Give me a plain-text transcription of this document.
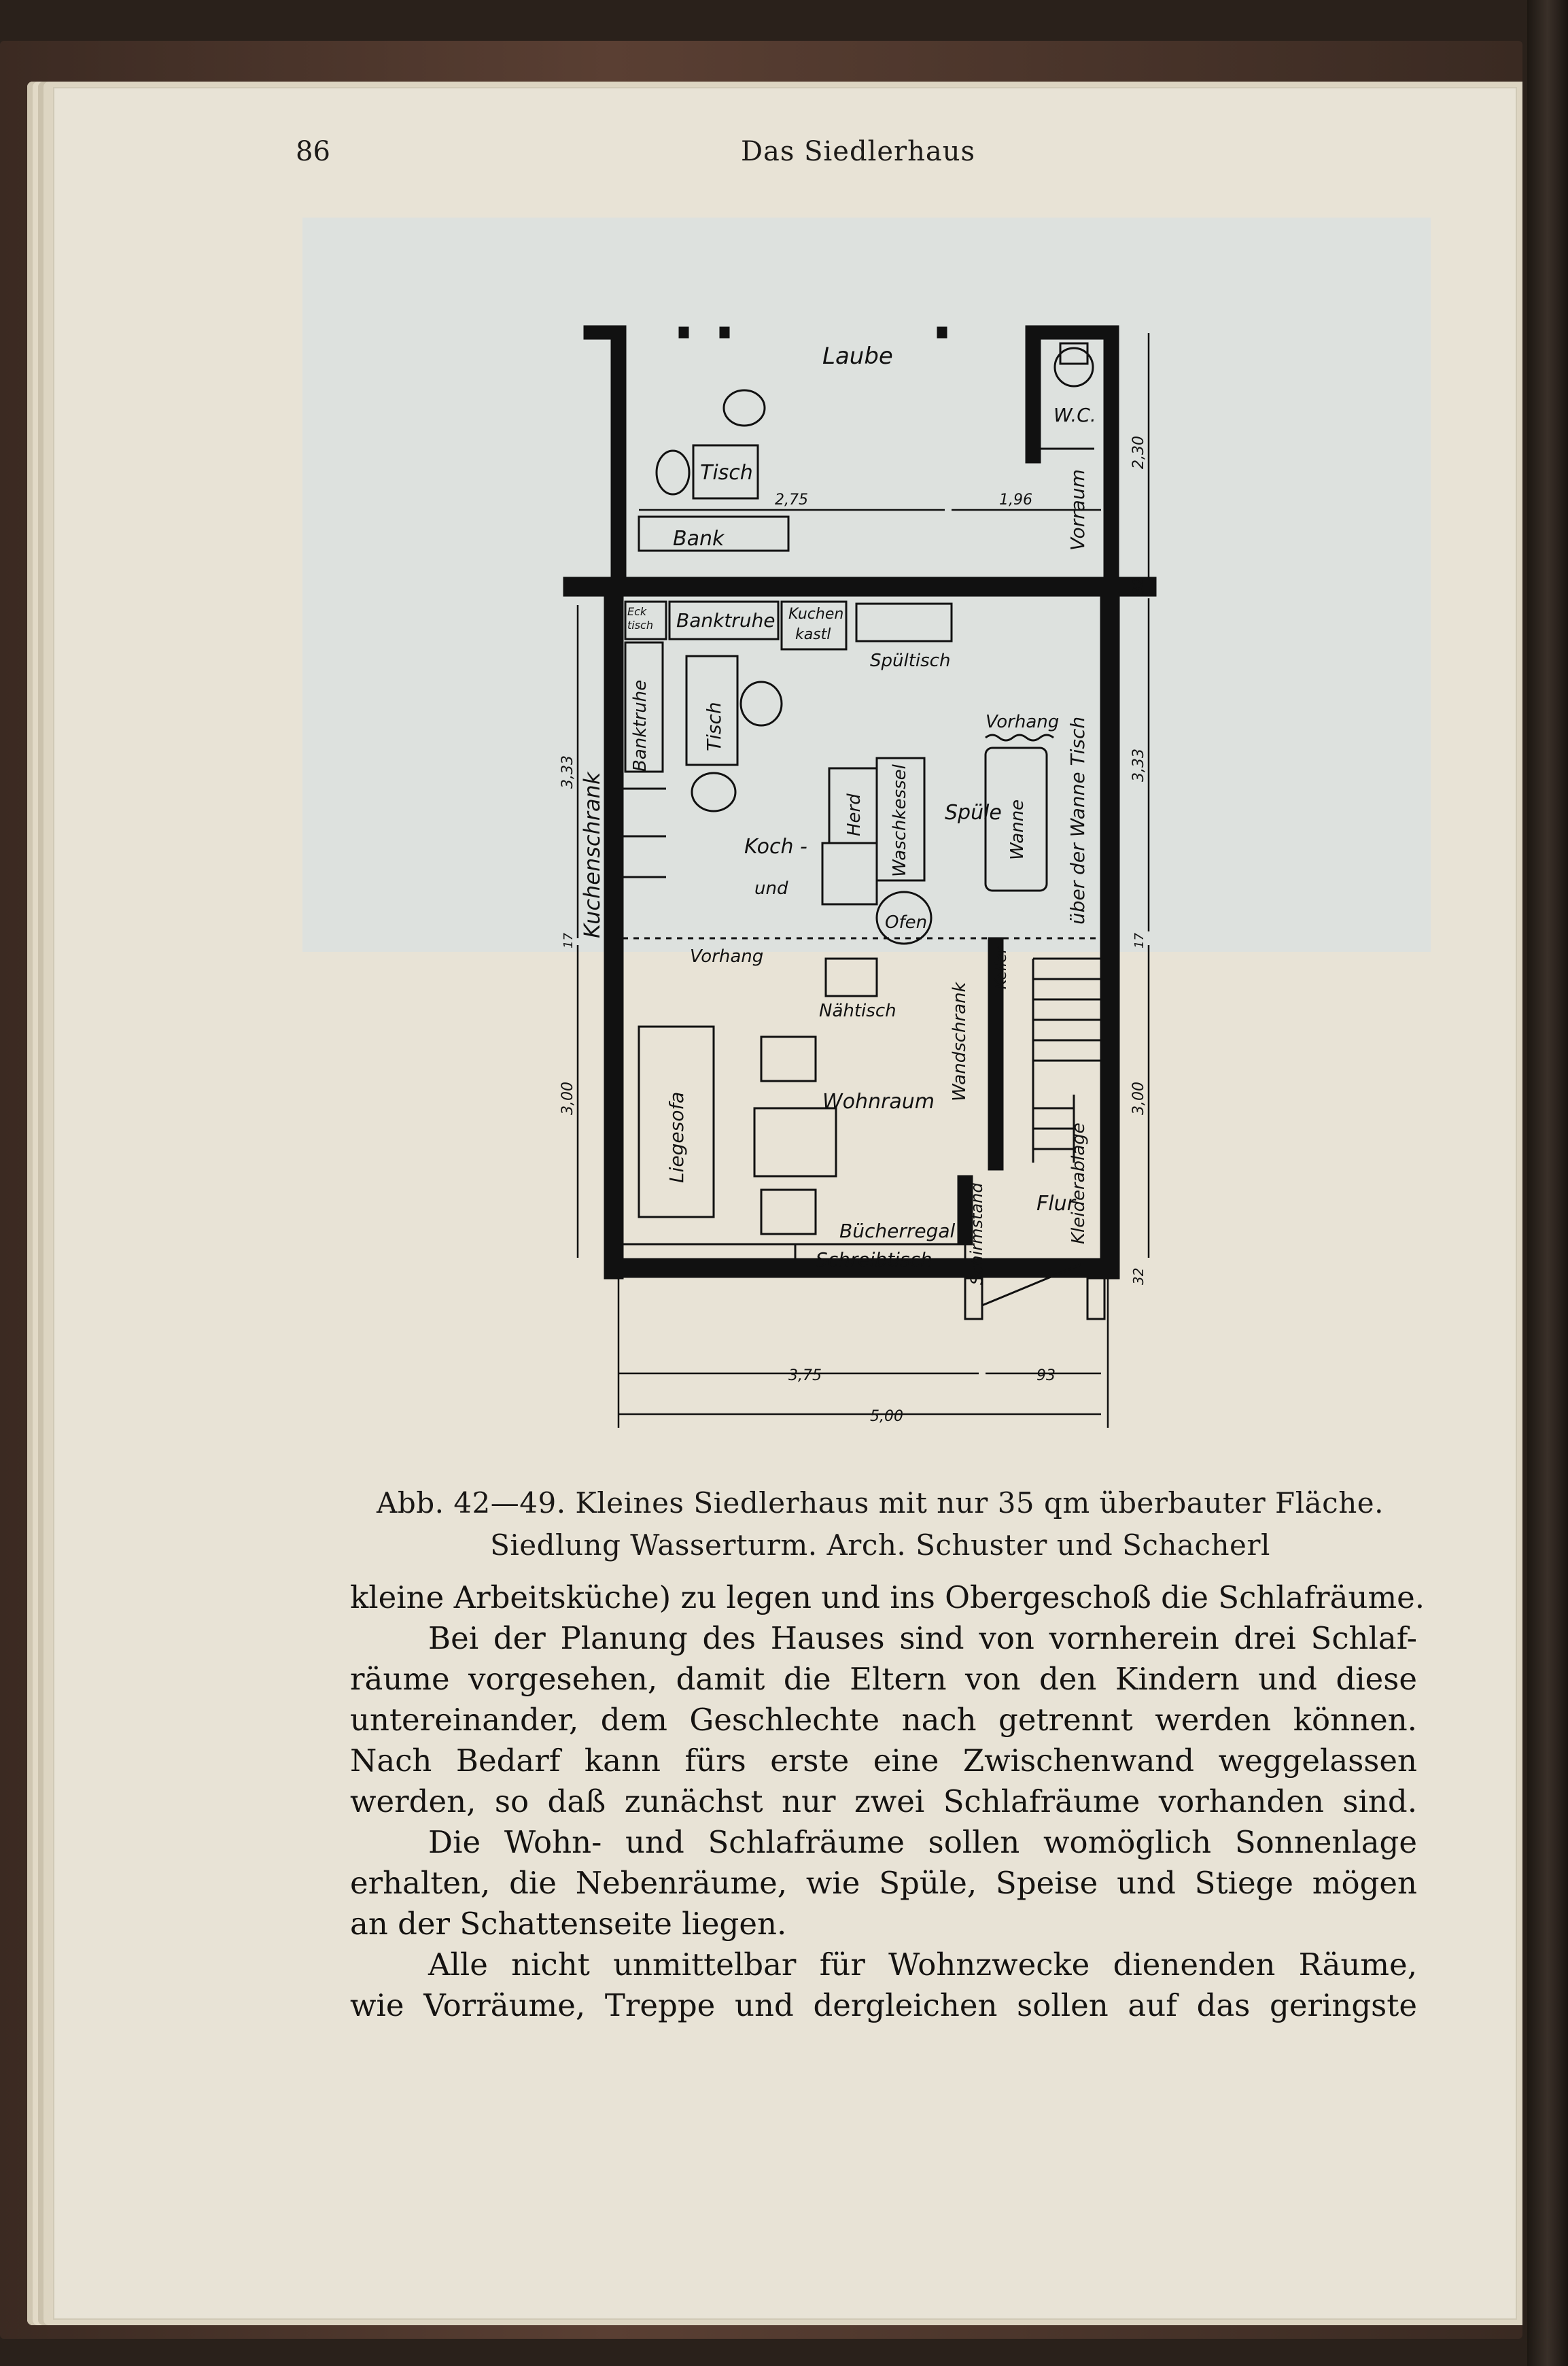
86	Das Siedlerhaus
Laube
W.C.
Tisch
Bank
2,75	1,96
Eck
tisch Banktruhe Kuchen
kastl
Spültisch
Vorhang
Banktruhe	Tisch
Kuchenschrank	Herd Waschkessel Spüle Wanne über der Wanne Tisch
Vorraum
Koch -
und
Ofen
Vorhang
Nähtisch
Keller
Wandschrank
Wohnraum
Liegesofa
Flur
Kleiderablage
Schirmständ
Bücherregal
Schreibtisch
3,33
3,00
2,30
32
3,33
3,00
32
17	17
3,75	93
5,00
Abb. 42—49. Kleines Siedlerhaus mit nur 35 qm überbauter Fläche.
Siedlung Wasserturm. Arch. Schuster und Schacherl
kleine Arbeitsküche) zu legen und ins Obergeschoß die Schlafräume.
Bei der Planung des Hauses sind von vornherein drei Schlaf-
räume vorgesehen, damit die Eltern von den Kindern und diese
untereinander, dem Geschlechte nach getrennt werden können.
Nach Bedarf kann fürs erste eine Zwischenwand weggelassen
werden, so daß zunächst nur zwei Schlafräume vorhanden sind.
Die Wohn- und Schlafräume sollen womöglich Sonnenlage
erhalten, die Nebenräume, wie Spüle, Speise und Stiege mögen
an der Schattenseite liegen.
Alle nicht unmittelbar für Wohnzwecke dienenden Räume,
wie Vorräume, Treppe und dergleichen sollen auf das geringste
